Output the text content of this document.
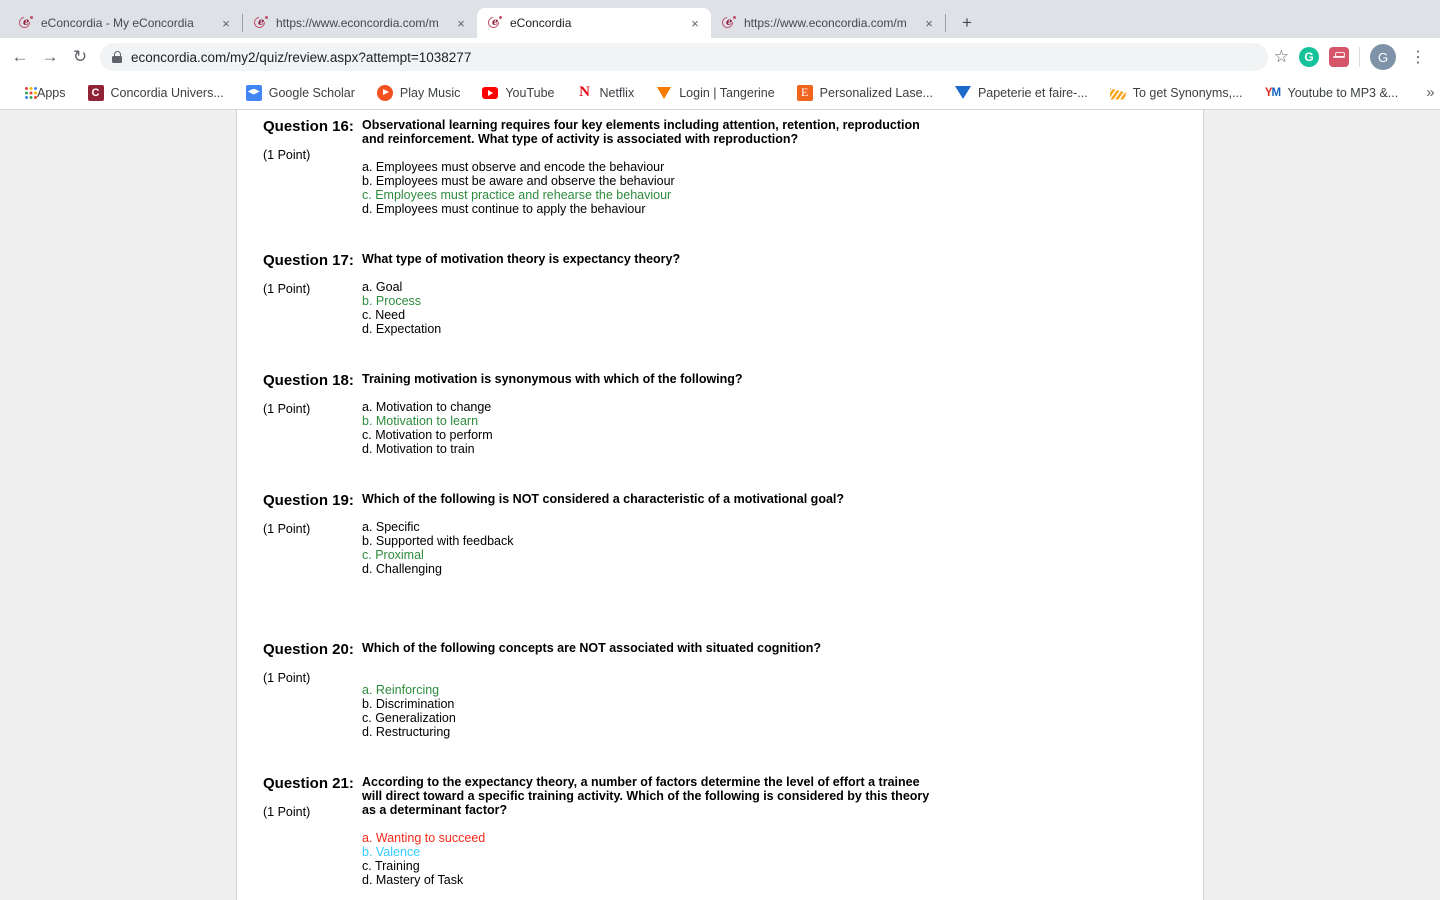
e eConcordia - My eConcordia	×	e https://www.econcordia.com/m	×	e eConcordia	×	e https://www.econcordia.com/m	×	+
← → ↻	econcordia.com/my2/quiz/review.aspx?attempt=1038277	☆	G	G	⋮
Apps	C Concordia Univers...	Google Scholar	Play Music	YouTube N Netflix	Login | Tangerine	E Personalized Lase...	Papeterie et faire-...	To get Synonyms,... Y M Youtube to MP3 &...	»
Question 16:
(1 Point)
Observational learning requires four key elements including attention, retention, reproduction and reinforcement. What type of activity is associated with reproduction?
a. Employees must observe and encode the behaviour
b. Employees must be aware and observe the behaviour
c. Employees must practice and rehearse the behaviour
d. Employees must continue to apply the behaviour
Question 17:
(1 Point)
What type of motivation theory is expectancy theory?
a. Goal
b. Process
c. Need
d. Expectation
Question 18:
(1 Point)
Training motivation is synonymous with which of the following?
a. Motivation to change
b. Motivation to learn
c. Motivation to perform
d. Motivation to train
Question 19:
(1 Point)
Which of the following is NOT considered a characteristic of a motivational goal?
a. Specific
b. Supported with feedback
c. Proximal
d. Challenging
Question 20:
(1 Point)
Which of the following concepts are NOT associated with situated cognition?
a. Reinforcing
b. Discrimination
c. Generalization
d. Restructuring
Question 21:
(1 Point)
According to the expectancy theory, a number of factors determine the level of effort a trainee will direct toward a specific training activity. Which of the following is considered by this theory as a determinant factor?
a. Wanting to succeed
b. Valence
c. Training
d. Mastery of Task
